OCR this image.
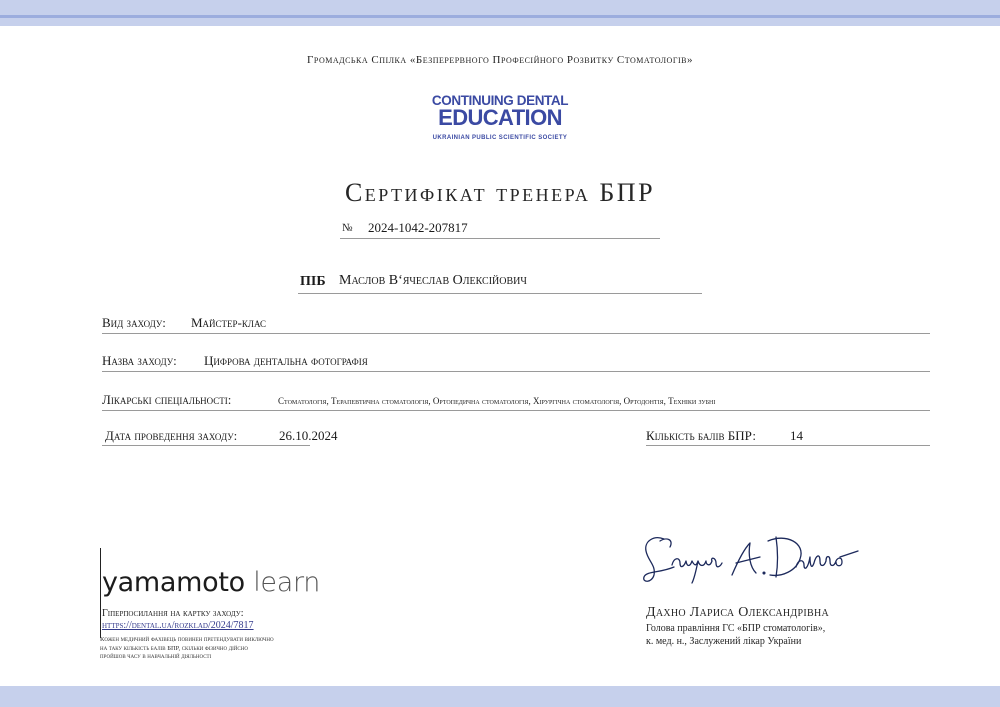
Громадська Спілка «Безперервного Професійного Розвитку Стоматологів»
CONTINUING DENTAL
EDUCATION
UKRAINIAN PUBLIC SCIENTIFIC SOCIETY
Сертифікат тренера БПР
№ 2024-1042-207817
ПІБ Маслов В‘ячеслав Олексійович
Вид заходу: Майстер-клас
Назва заходу: Цифрова дентальна фотографія
Лікарські спеціальності:	Стоматологія, Терапевтична стоматологія, Ортопедична стоматологія, Хірургічна стоматологія, Ортодонтія, Техніки зубні
Дата проведення заходу:	26.10.2024	Кількість балів БПР:	14
yamamoto learn
Гіперпосилання на картку заходу:
https://dental.ua/rozklad/2024/7817
Кожен медичний фахівець повинен претендувати виключно на таку кількість балів БПР, скільки фізично дійсно пройшов часу в навчальній діяльності
Дахно Лариса Олександрівна
Голова правління ГС «БПР стоматологів»,
к. мед. н., Заслужений лікар України
